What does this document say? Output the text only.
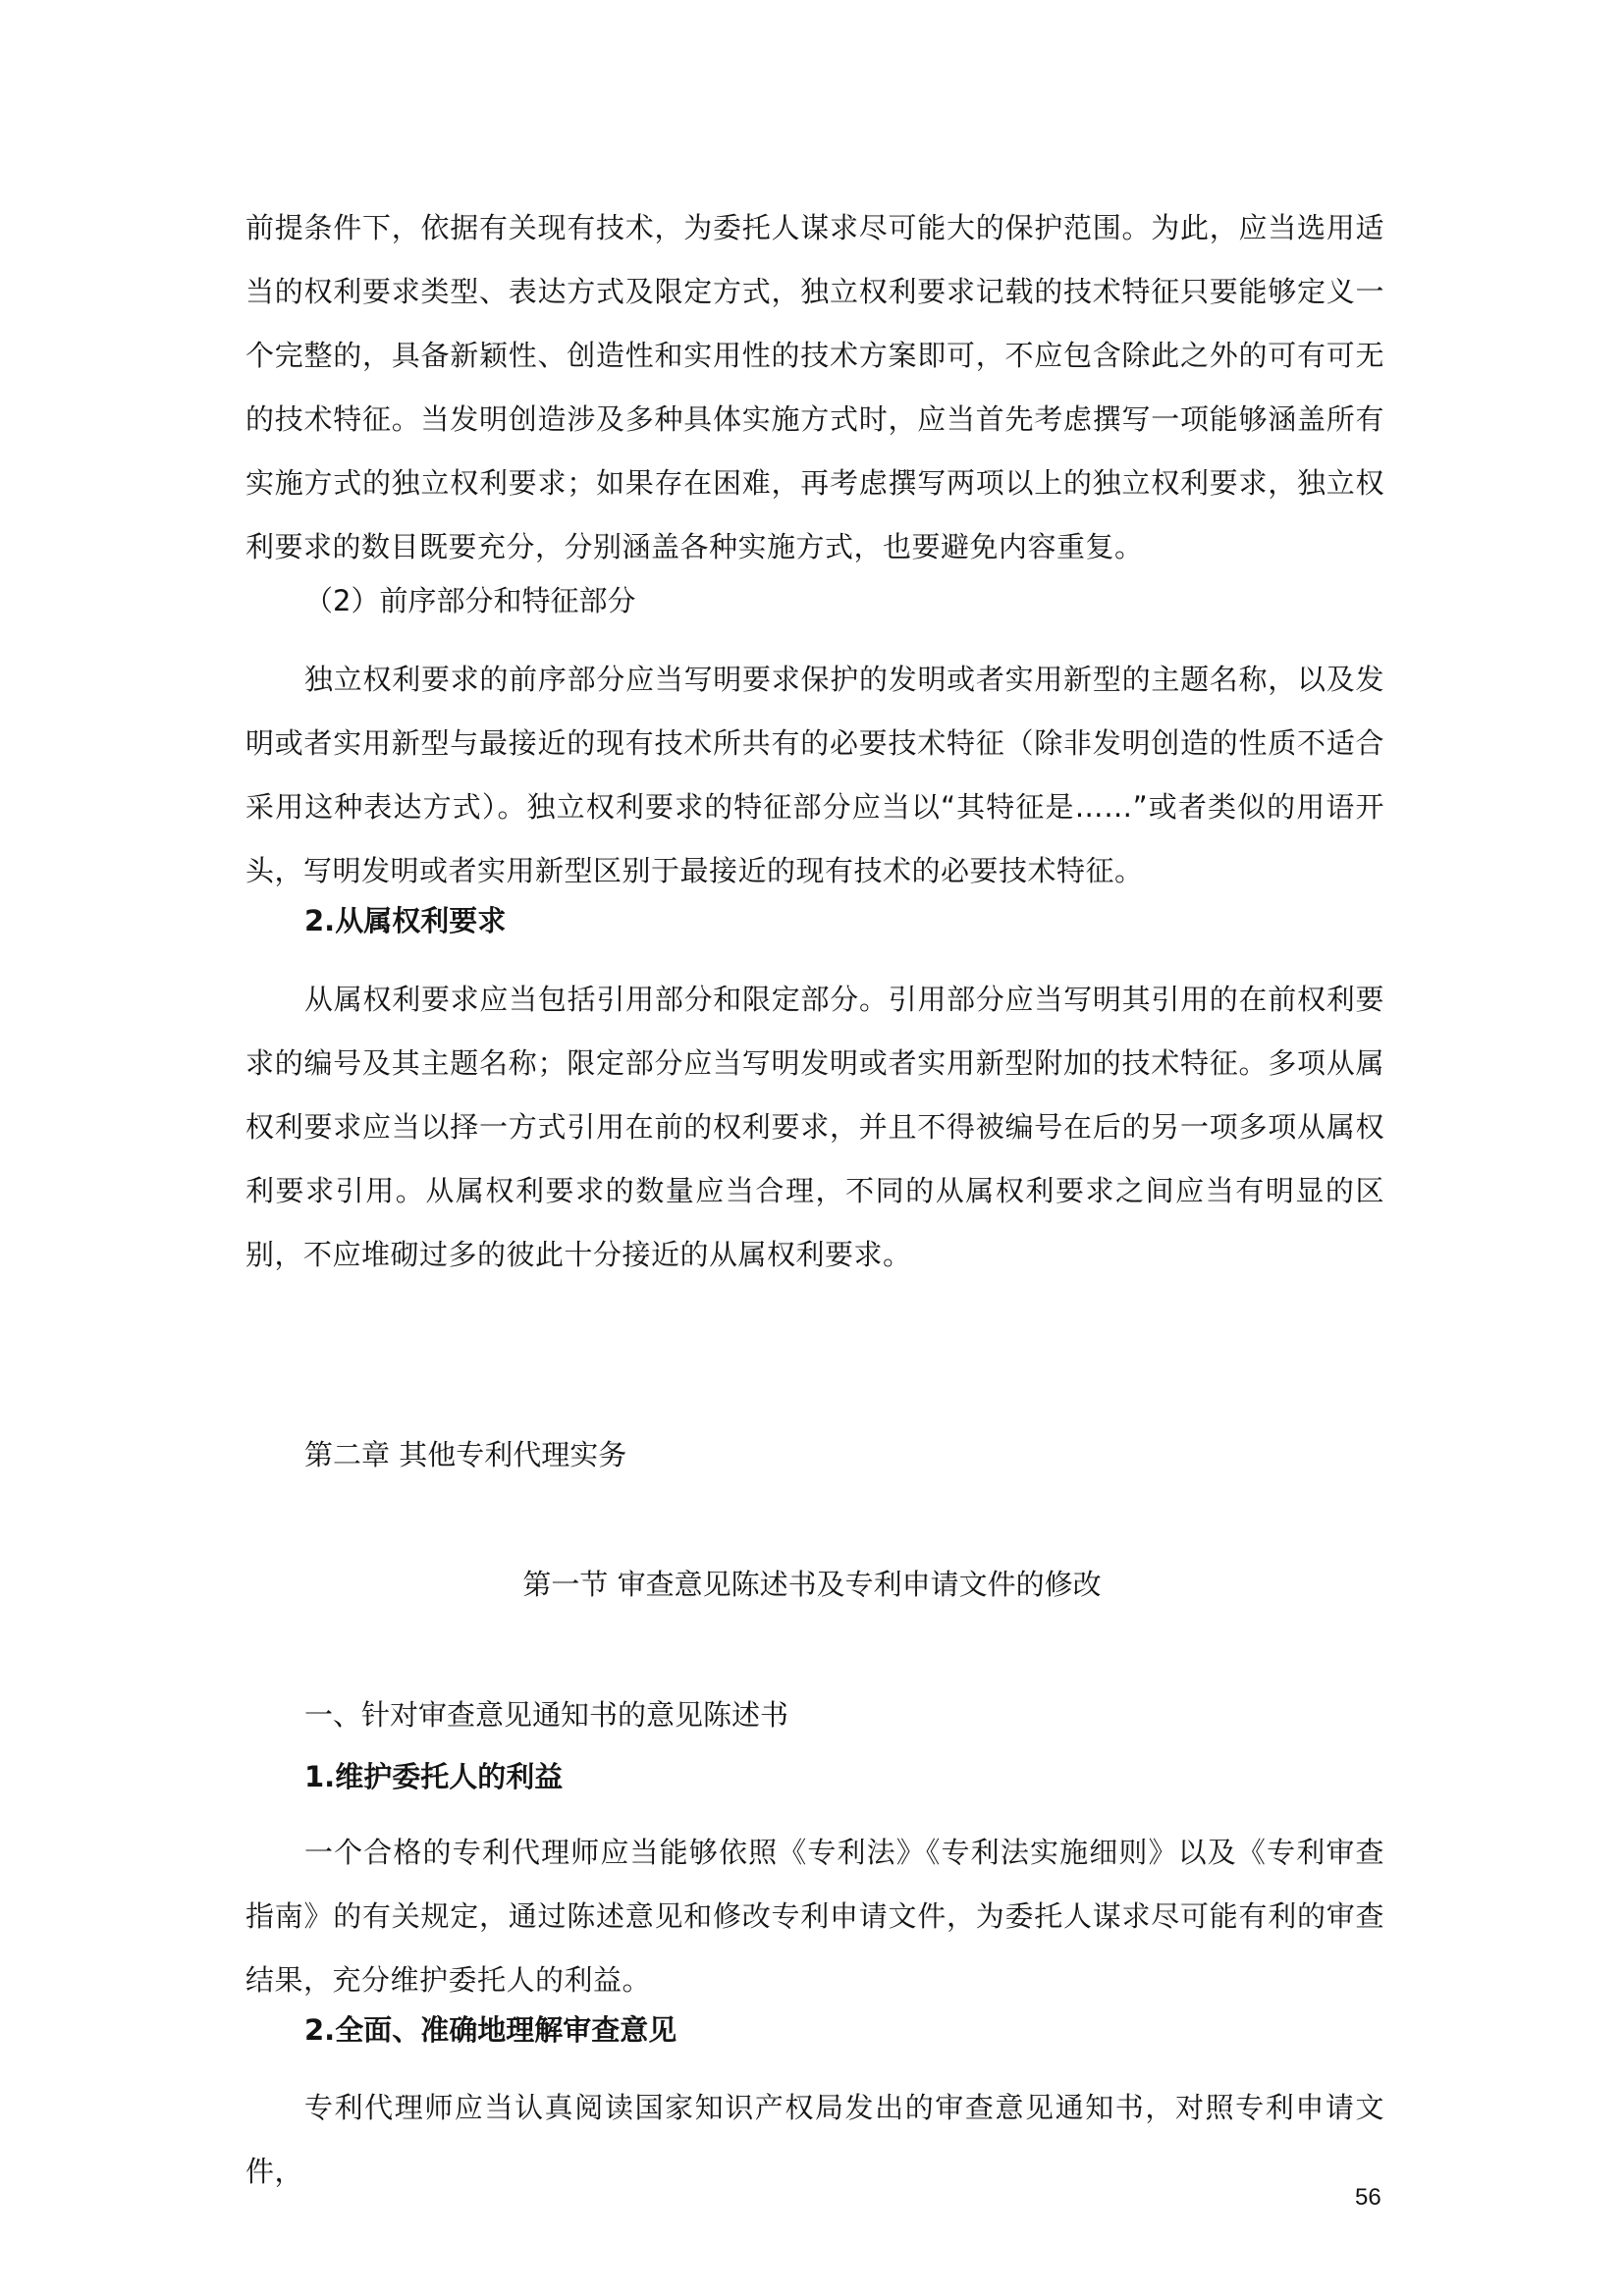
前提条件下，依据有关现有技术，为委托人谋求尽可能大的保护范围。为此，应当选用适当的权利要求类型、表达方式及限定方式，独立权利要求记载的技术特征只要能够定义一个完整的，具备新颖性、创造性和实用性的技术方案即可，不应包含除此之外的可有可无的技术特征。当发明创造涉及多种具体实施方式时，应当首先考虑撰写一项能够涵盖所有实施方式的独立权利要求；如果存在困难，再考虑撰写两项以上的独立权利要求，独立权利要求的数目既要充分，分别涵盖各种实施方式，也要避免内容重复。

（2）前序部分和特征部分

独立权利要求的前序部分应当写明要求保护的发明或者实用新型的主题名称，以及发明或者实用新型与最接近的现有技术所共有的必要技术特征（除非发明创造的性质不适合采用这种表达方式）。独立权利要求的特征部分应当以“其特征是……”或者类似的用语开头，写明发明或者实用新型区别于最接近的现有技术的必要技术特征。

2.从属权利要求

从属权利要求应当包括引用部分和限定部分。引用部分应当写明其引用的在前权利要求的编号及其主题名称；限定部分应当写明发明或者实用新型附加的技术特征。多项从属权利要求应当以择一方式引用在前的权利要求，并且不得被编号在后的另一项多项从属权利要求引用。从属权利要求的数量应当合理，不同的从属权利要求之间应当有明显的区别，不应堆砌过多的彼此十分接近的从属权利要求。

第二章 其他专利代理实务

第一节 审查意见陈述书及专利申请文件的修改

一、针对审查意见通知书的意见陈述书

1.维护委托人的利益

一个合格的专利代理师应当能够依照《专利法》《专利法实施细则》以及《专利审查指南》的有关规定，通过陈述意见和修改专利申请文件，为委托人谋求尽可能有利的审查结果，充分维护委托人的利益。

2.全面、准确地理解审查意见

专利代理师应当认真阅读国家知识产权局发出的审查意见通知书，对照专利申请文件，

56
